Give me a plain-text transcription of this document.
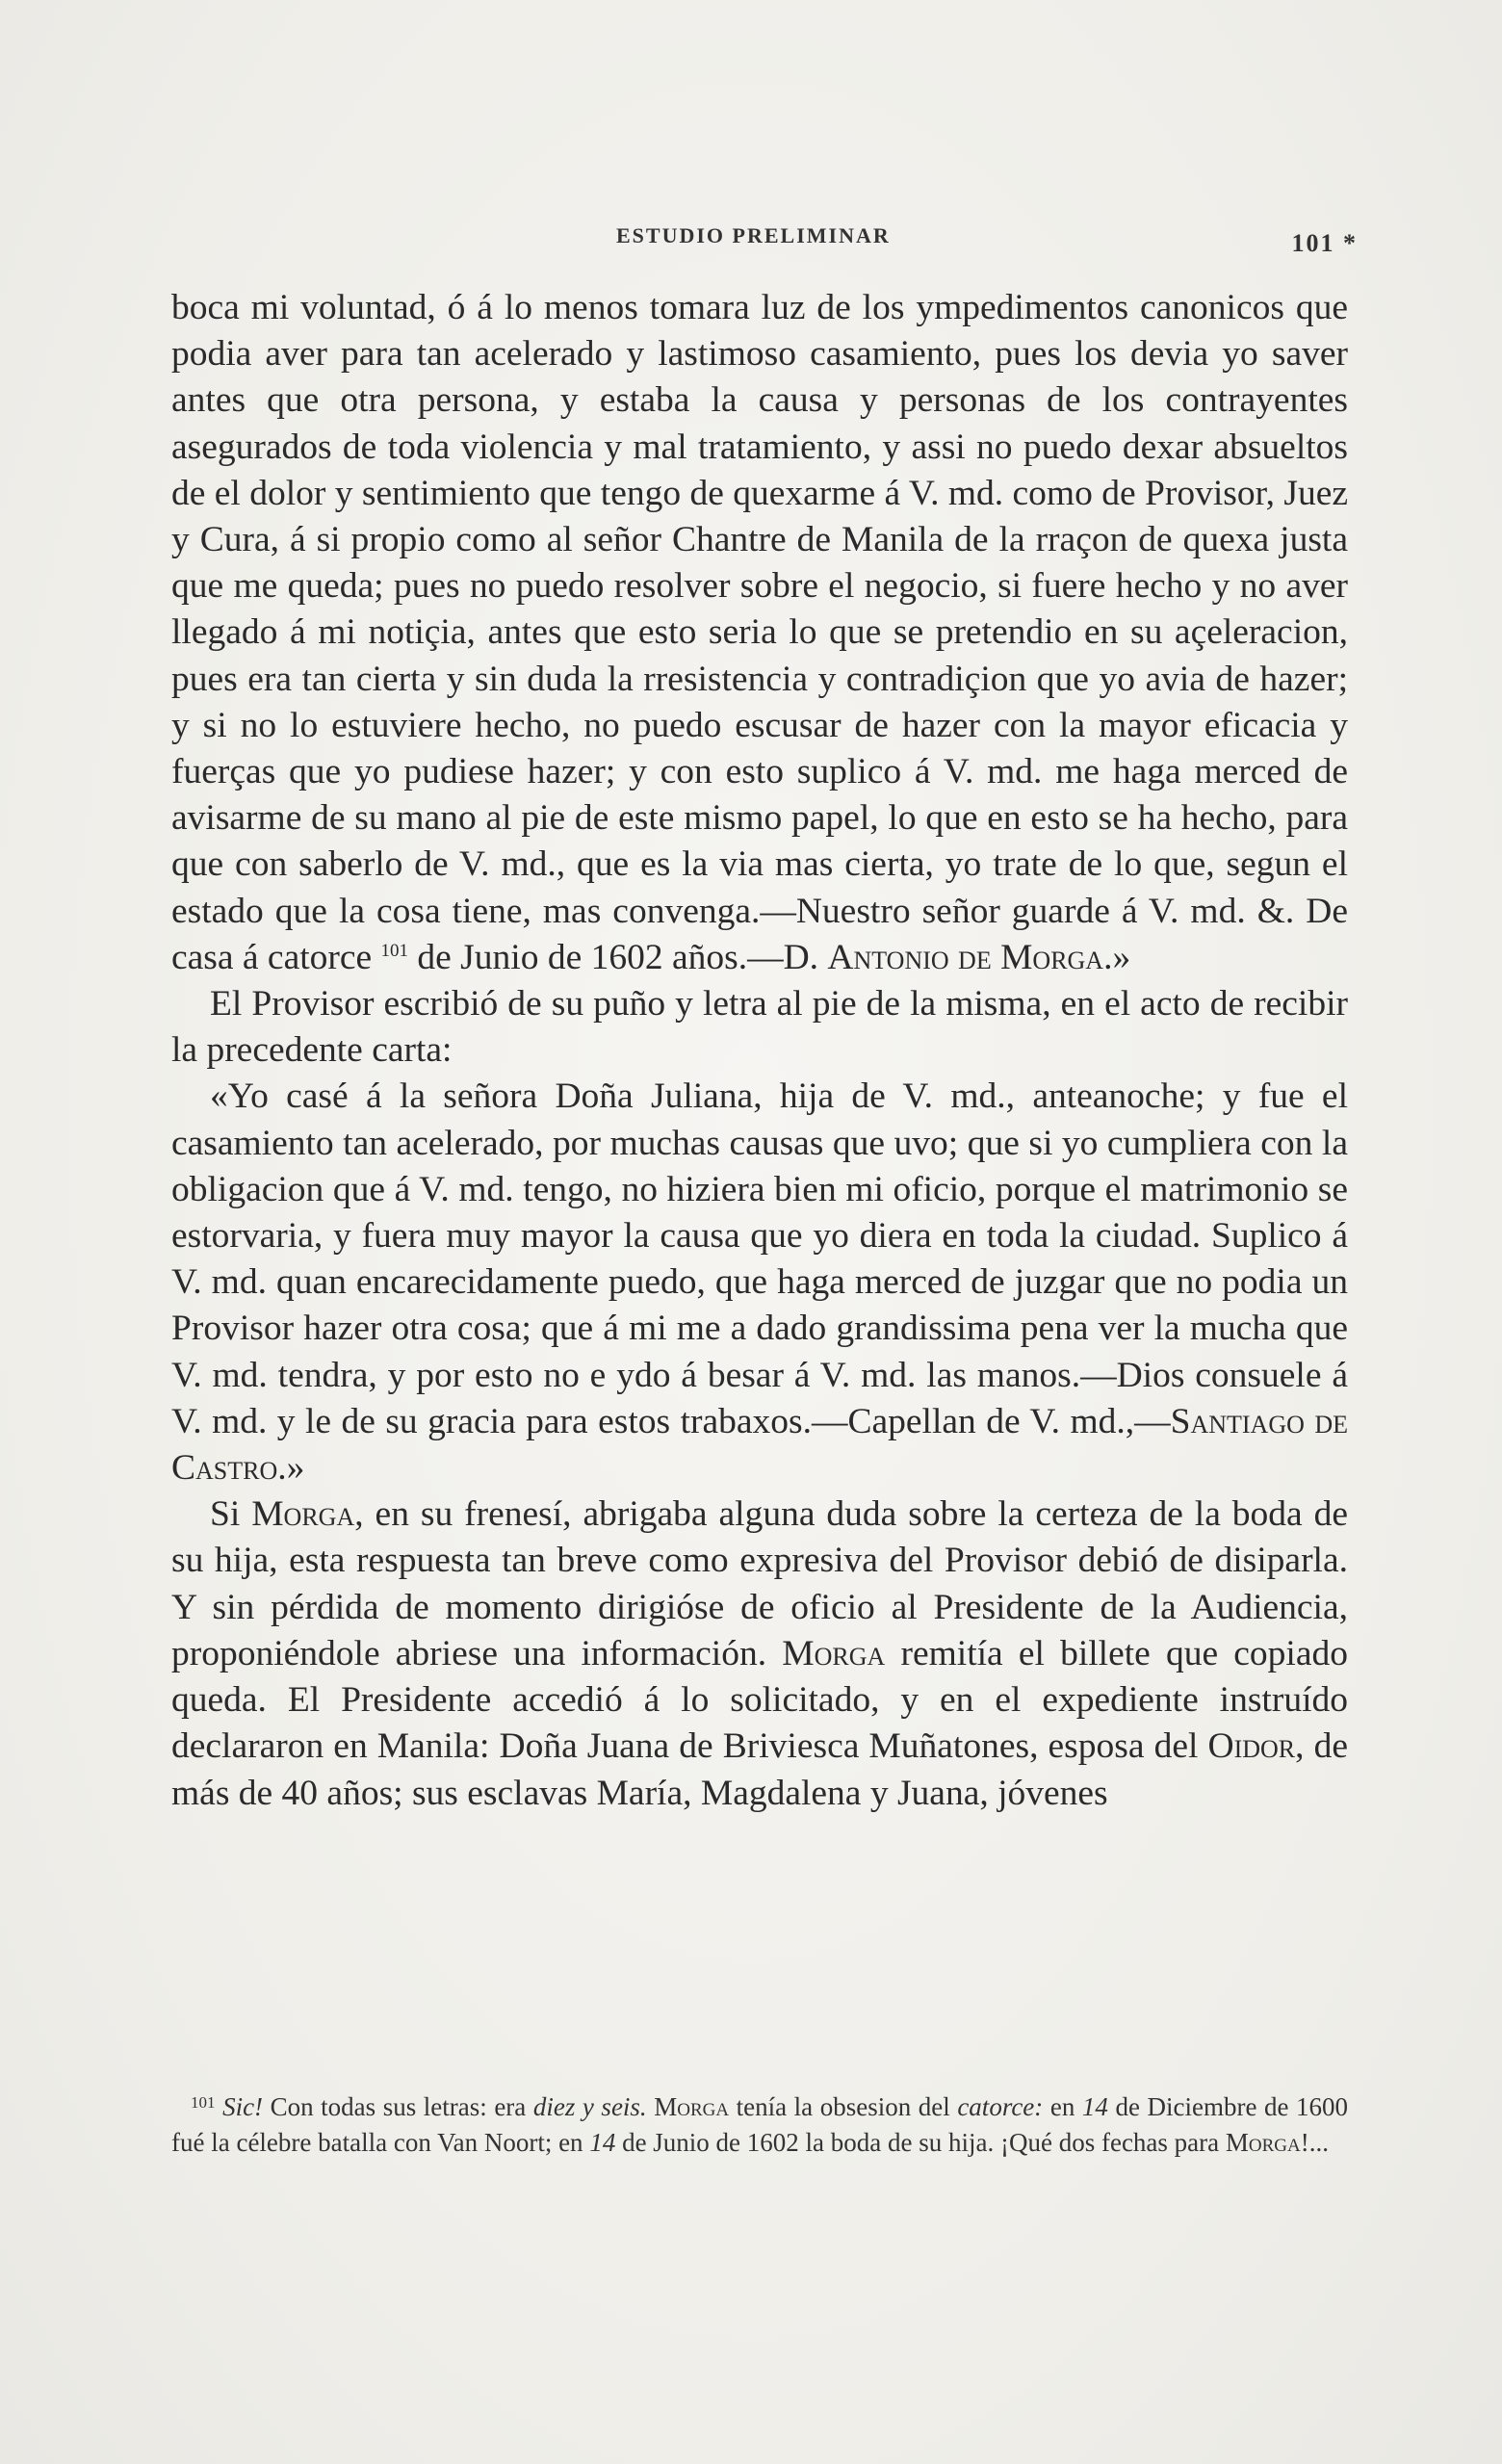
ESTUDIO PRELIMINAR	101 *

boca mi voluntad, ó á lo menos tomara luz de los ympedimentos canonicos que podia aver para tan acelerado y lastimoso casamiento, pues los devia yo saver antes que otra persona, y estaba la causa y personas de los contrayentes asegurados de toda violencia y mal tratamiento, y assi no puedo dexar absueltos de el dolor y sentimiento que tengo de quexarme á V. md. como de Provisor, Juez y Cura, á si propio como al señor Chantre de Manila de la rraçon de quexa justa que me queda; pues no puedo resolver sobre el negocio, si fuere hecho y no aver llegado á mi notiçia, antes que esto seria lo que se pretendio en su açeleracion, pues era tan cierta y sin duda la rresistencia y contradiçion que yo avia de hazer; y si no lo estuviere hecho, no puedo escusar de hazer con la mayor eficacia y fuerças que yo pudiese hazer; y con esto suplico á V. md. me haga merced de avisarme de su mano al pie de este mismo papel, lo que en esto se ha hecho, para que con saberlo de V. md., que es la via mas cierta, yo trate de lo que, segun el estado que la cosa tiene, mas convenga.—Nuestro señor guarde á V. md. &. De casa á catorce $^{101}$ de Junio de 1602 años.—D. Antonio de Morga.»

El Provisor escribió de su puño y letra al pie de la misma, en el acto de recibir la precedente carta:

«Yo casé á la señora Doña Juliana, hija de V. md., anteanoche; y fue el casamiento tan acelerado, por muchas causas que uvo; que si yo cumpliera con la obligacion que á V. md. tengo, no hiziera bien mi oficio, porque el matrimonio se estorvaria, y fuera muy mayor la causa que yo diera en toda la ciudad. Suplico á V. md. quan encarecidamente puedo, que haga merced de juzgar que no podia un Provisor hazer otra cosa; que á mi me a dado grandissima pena ver la mucha que V. md. tendra, y por esto no e ydo á besar á V. md. las manos.—Dios consuele á V. md. y le de su gracia para estos trabaxos.—Capellan de V. md.,—Santiago de Castro.»

Si Morga, en su frenesí, abrigaba alguna duda sobre la certeza de la boda de su hija, esta respuesta tan breve como expresiva del Provisor debió de disiparla. Y sin pérdida de momento dirigióse de oficio al Presidente de la Audiencia, proponiéndole abriese una información. Morga remitía el billete que copiado queda. El Presidente accedió á lo solicitado, y en el expediente instruído declararon en Manila: Doña Juana de Briviesca Muñatones, esposa del Oidor, de más de 40 años; sus esclavas María, Magdalena y Juana, jóvenes

$^{101}$ Sic! Con todas sus letras: era diez y seis. Morga tenía la obsesion del catorce: en 14 de Diciembre de 1600 fué la célebre batalla con Van Noort; en 14 de Junio de 1602 la boda de su hija. ¡Qué dos fechas para Morga!...
